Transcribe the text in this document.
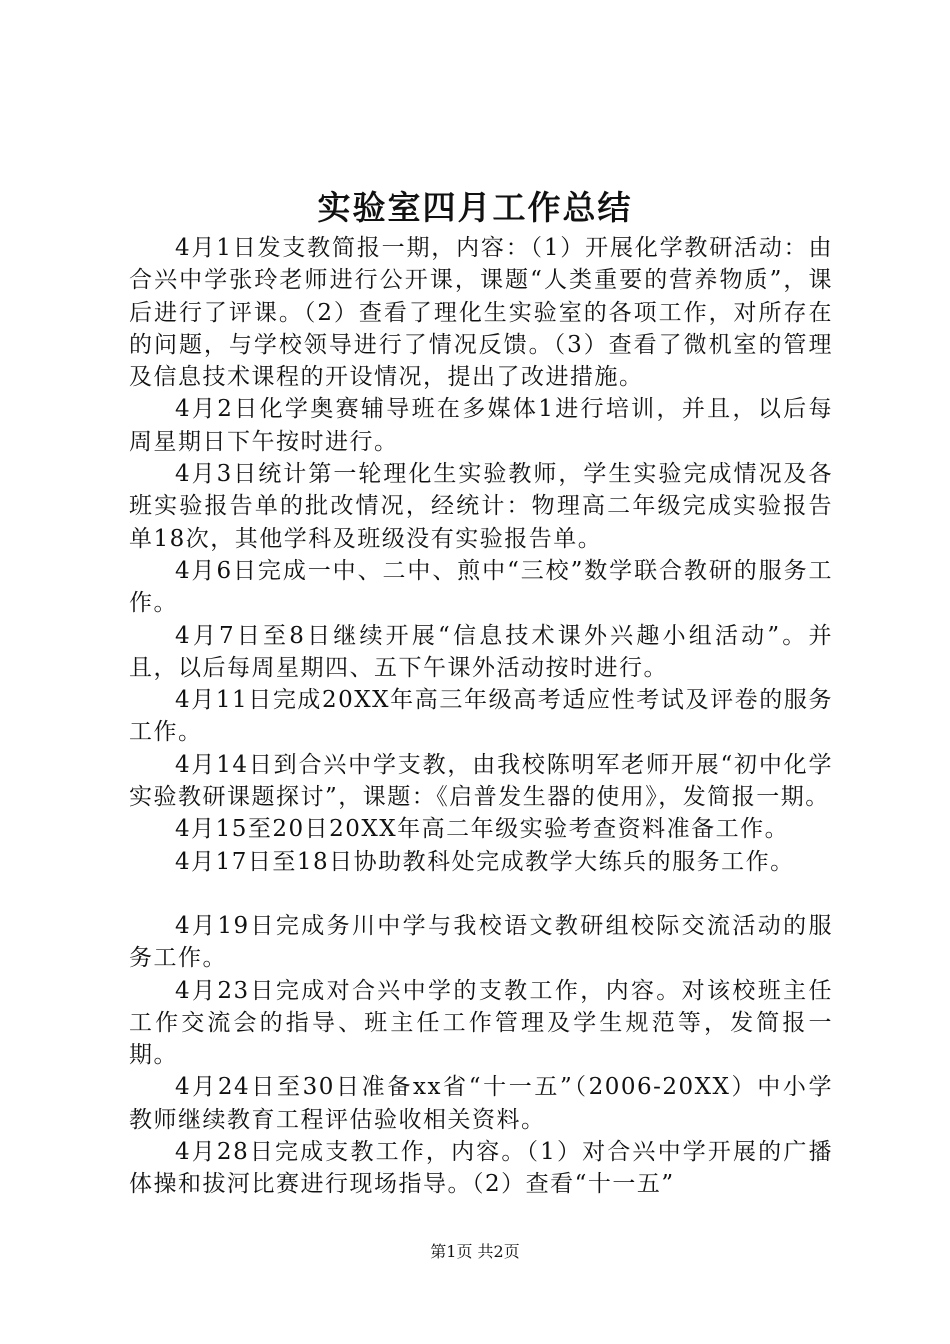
实验室四月工作总结

4月1日发支教简报一期，内容：（1）开展化学教研活动：由合兴中学张玲老师进行公开课，课题“人类重要的营养物质”，课后进行了评课。（2）查看了理化生实验室的各项工作，对所存在的问题，与学校领导进行了情况反馈。（3）查看了微机室的管理及信息技术课程的开设情况，提出了改进措施。

4月2日化学奥赛辅导班在多媒体1进行培训，并且，以后每周星期日下午按时进行。

4月3日统计第一轮理化生实验教师，学生实验完成情况及各班实验报告单的批改情况，经统计：物理高二年级完成实验报告单18次，其他学科及班级没有实验报告单。

4月6日完成一中、二中、煎中“三校”数学联合教研的服务工作。

4月7日至8日继续开展“信息技术课外兴趣小组活动”。并且，以后每周星期四、五下午课外活动按时进行。

4月11日完成20XX年高三年级高考适应性考试及评卷的服务工作。

4月14日到合兴中学支教，由我校陈明军老师开展“初中化学实验教研课题探讨”，课题：《启普发生器的使用》，发简报一期。

4月15至20日20XX年高二年级实验考查资料准备工作。

4月17日至18日协助教科处完成教学大练兵的服务工作。

4月19日完成务川中学与我校语文教研组校际交流活动的服务工作。

4月23日完成对合兴中学的支教工作，内容。对该校班主任工作交流会的指导、班主任工作管理及学生规范等，发简报一期。

4月24日至30日准备xx省“十一五”（2006-20XX）中小学教师继续教育工程评估验收相关资料。

4月28日完成支教工作，内容。（1）对合兴中学开展的广播体操和拔河比赛进行现场指导。（2）查看“十一五”

第1页 共2页
